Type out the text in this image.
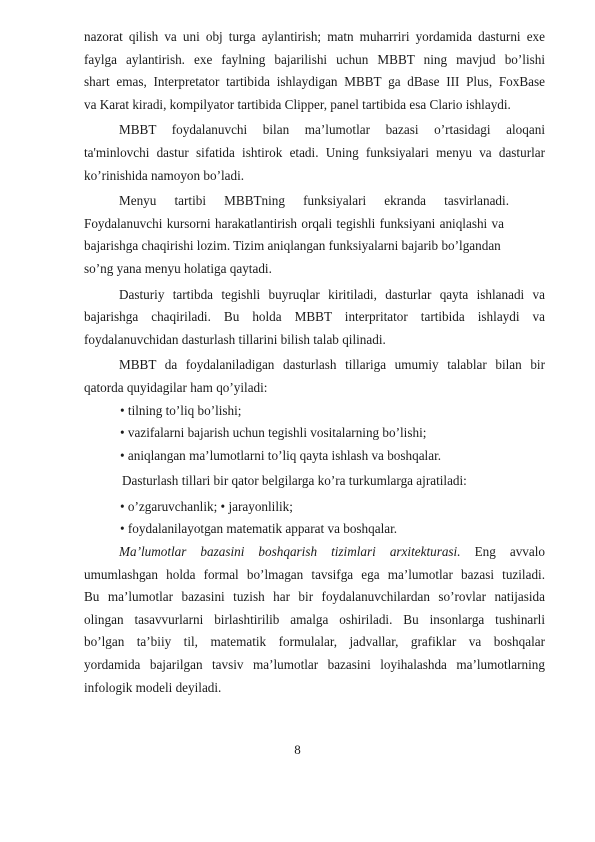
nazorat qilish va uni obj turga aylantirish; matn muharriri yordamida dasturni exe
faylga aylantirish. exe faylning bajarilishi uchun MBBT ning mavjud bo’lishi
shart emas, Interpretator tartibida ishlaydigan MBBT ga dBase III Plus, FoxBase
va Karat kiradi, kompilyator tartibida Clipper, panel tartibida esa Clario ishlaydi.
MBBT foydalanuvchi bilan ma’lumotlar bazasi o’rtasidagi aloqani
ta'minlovchi dastur sifatida ishtirok etadi. Uning funksiyalari menyu va dasturlar
ko’rinishida namoyon bo’ladi.
Menyu tartibi MBBTning funksiyalari ekranda tasvirlanadi.
Foydalanuvchi kursorni harakatlantirish orqali tegishli funksiyani aniqlashi va
bajarishga chaqirishi lozim. Tizim aniqlangan funksiyalarni bajarib bo’lgandan
so’ng yana menyu holatiga qaytadi.
Dasturiy tartibda tegishli buyruqlar kiritiladi, dasturlar qayta ishlanadi va
bajarishga chaqiriladi. Bu holda MBBT interpritator tartibida ishlaydi va
foydalanuvchidan dasturlash tillarini bilish talab qilinadi.
MBBT da foydalaniladigan dasturlash tillariga umumiy talablar bilan bir
qatorda quyidagilar ham qo’yiladi:
• tilning to’liq bo’lishi;
• vazifalarni bajarish uchun tegishli vositalarning bo’lishi;
• aniqlangan ma’lumotlarni to’liq qayta ishlash va boshqalar.
Dasturlash tillari bir qator belgilarga ko’ra turkumlarga ajratiladi:
• o’zgaruvchanlik; • jarayonlilik;
• foydalanilayotgan matematik apparat va boshqalar.
Ma’lumotlar bazasini boshqarish tizimlari arxitekturasi. Eng avvalo
umumlashgan holda formal bo’lmagan tavsifga ega ma’lumotlar bazasi tuziladi.
Bu ma’lumotlar bazasini tuzish har bir foydalanuvchilardan so’rovlar natijasida
olingan tasavvurlarni birlashtirilib amalga oshiriladi. Bu insonlarga tushinarli
bo’lgan ta’biiy til, matematik formulalar, jadvallar, grafiklar va boshqalar
yordamida bajarilgan tavsiv ma’lumotlar bazasini loyihalashda ma’lumotlarning
infologik modeli deyiladi.
8
